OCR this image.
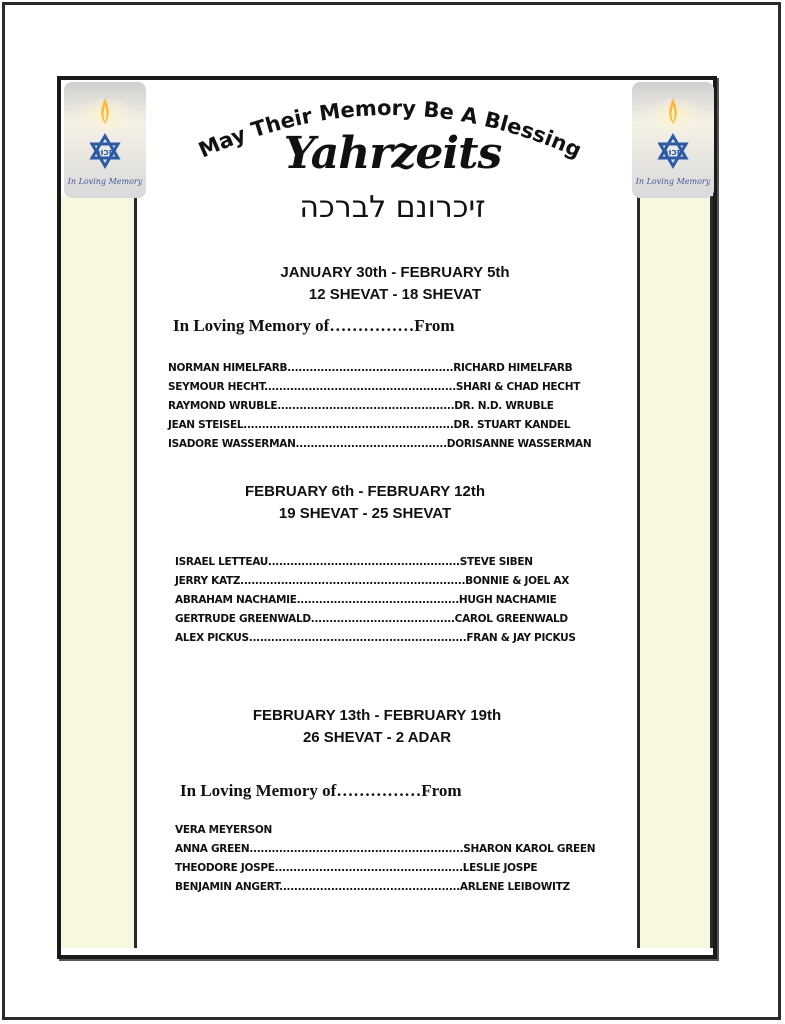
יזכור
In Loving Memory
יזכור
In Loving Memory
May Their Memory Be A Blessing
Yahrzeits
זיכרונם לברכה
JANUARY 30th - FEBRUARY 5th
12 SHEVAT - 18 SHEVAT
In Loving Memory of……………From
NORMAN HIMELFARB.............................................RICHARD HIMELFARB
SEYMOUR HECHT....................................................SHARI & CHAD HECHT
RAYMOND WRUBLE................................................DR. N.D. WRUBLE
JEAN STEISEL.........................................................DR. STUART KANDEL
ISADORE WASSERMAN.........................................DORISANNE WASSERMAN
FEBRUARY 6th - FEBRUARY 12th
19 SHEVAT - 25 SHEVAT
ISRAEL LETTEAU....................................................STEVE SIBEN
JERRY KATZ.............................................................BONNIE & JOEL AX
ABRAHAM NACHAMIE............................................HUGH NACHAMIE
GERTRUDE GREENWALD.......................................CAROL GREENWALD
ALEX PICKUS...........................................................FRAN & JAY PICKUS
FEBRUARY 13th - FEBRUARY 19th
26 SHEVAT - 2 ADAR
In Loving Memory of……………From
VERA MEYERSON
ANNA GREEN..........................................................SHARON KAROL GREEN
THEODORE JOSPE...................................................LESLIE JOSPE
BENJAMIN ANGERT.................................................ARLENE LEIBOWITZ
